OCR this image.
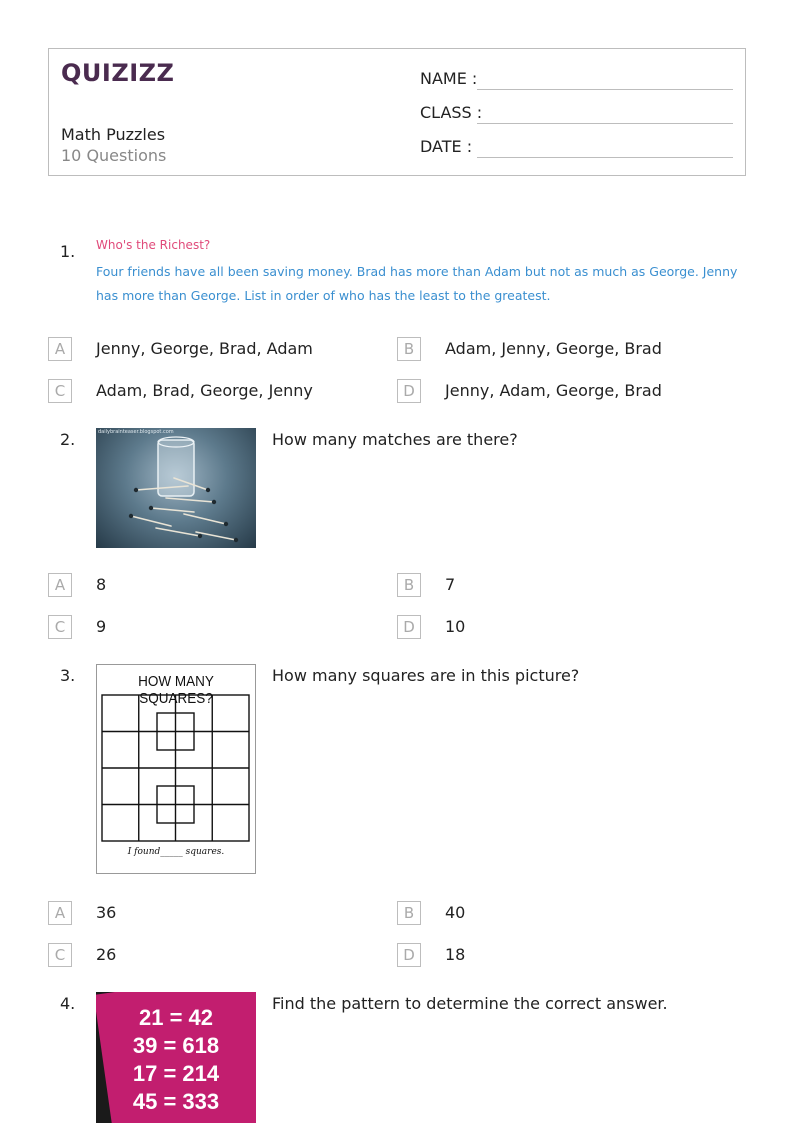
QUIZIZZ
Math Puzzles
10 Questions
NAME :
CLASS :
DATE :
1. Who's the Richest?
Four friends have all been saving money. Brad has more than Adam but not as much as George. Jenny has more than George. List in order of who has the least to the greatest.
A	Jenny, George, Brad, Adam	B	Adam, Jenny, George, Brad
C	Adam, Brad, George, Jenny	D	Jenny, Adam, George, Brad
2.	dailybrainteaser.blogspot.com	How many matches are there?
A	8	B	7
C	9	D	10
3.	HOW MANY SQUARES?
I found_____ squares.
How many squares are in this picture?
A	36	B	40
C	26	D	18
4.
21 = 42
39 = 618
17 = 214
45 = 333
Find the pattern to determine the correct answer.
